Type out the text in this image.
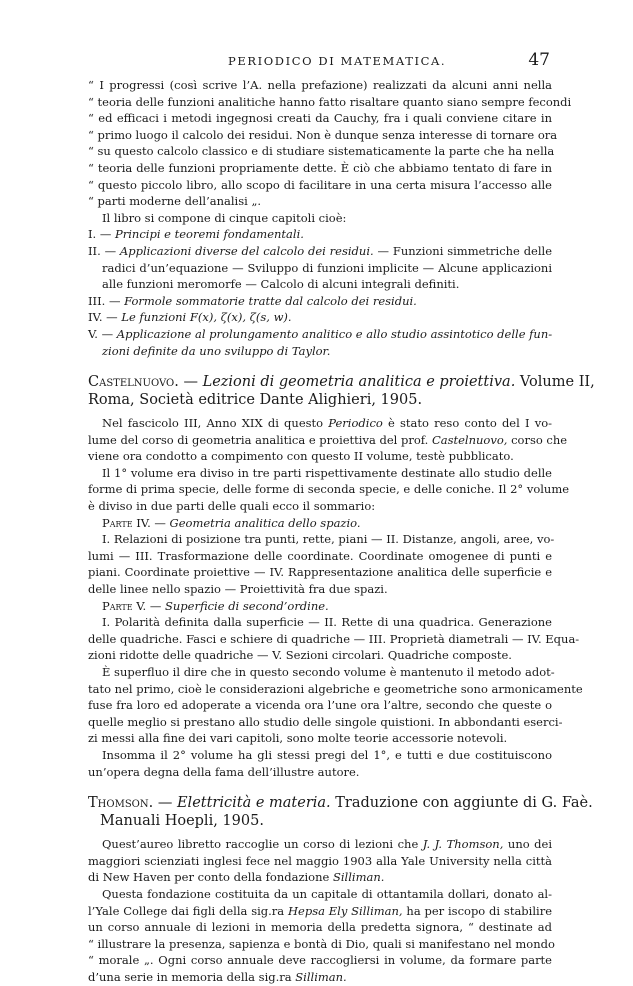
PERIODICO DI MATEMATICA.	47
“ I progressi (così scrive l’A. nella prefazione) realizzati da alcuni anni nella
“ teoria delle funzioni analitiche hanno fatto risaltare quanto siano sempre fecondi
“ ed efficaci i metodi ingegnosi creati da Cauchy, fra i quali conviene citare in
“ primo luogo il calcolo dei residui. Non è dunque senza interesse di tornare ora
“ su questo calcolo classico e di studiare sistematicamente la parte che ha nella
“ teoria delle funzioni propriamente dette. È ciò che abbiamo tentato di fare in
“ questo piccolo libro, allo scopo di facilitare in una certa misura l’accesso alle
“ parti moderne dell’analisi „.
Il libro si compone di cinque capitoli cioè:
I. — Principi e teoremi fondamentali.
II. — Applicazioni diverse del calcolo dei residui. — Funzioni simmetriche delle
radici d’un’equazione — Sviluppo di funzioni implicite — Alcune applicazioni
alle funzioni meromorfe — Calcolo di alcuni integrali definiti.
III. — Formole sommatorie tratte dal calcolo dei residui.
IV. — Le funzioni F(x), ζ(x), ζ(s, w).
V. — Applicazione al prolungamento analitico e allo studio assintotico delle fun-
zioni definite da uno sviluppo di Taylor.
Castelnuovo. — Lezioni di geometria analitica e proiettiva. Volume II,
Roma, Società editrice Dante Alighieri, 1905.
Nel fascicolo III, Anno XIX di questo Periodico è stato reso conto del I vo-
lume del corso di geometria analitica e proiettiva del prof. Castelnuovo, corso che
viene ora condotto a compimento con questo II volume, testè pubblicato.
Il 1° volume era diviso in tre parti rispettivamente destinate allo studio delle
forme di prima specie, delle forme di seconda specie, e delle coniche. Il 2° volume
è diviso in due parti delle quali ecco il sommario:
Parte IV. — Geometria analitica dello spazio.
I. Relazioni di posizione tra punti, rette, piani — II. Distanze, angoli, aree, vo-
lumi — III. Trasformazione delle coordinate. Coordinate omogenee di punti e
piani. Coordinate proiettive — IV. Rappresentazione analitica delle superficie e
delle linee nello spazio — Proiettività fra due spazi.
Parte V. — Superficie di second’ordine.
I. Polarità definita dalla superficie — II. Rette di una quadrica. Generazione
delle quadriche. Fasci e schiere di quadriche — III. Proprietà diametrali — IV. Equa-
zioni ridotte delle quadriche — V. Sezioni circolari. Quadriche composte.
È superfluo il dire che in questo secondo volume è mantenuto il metodo adot-
tato nel primo, cioè le considerazioni algebriche e geometriche sono armonicamente
fuse fra loro ed adoperate a vicenda ora l’une ora l’altre, secondo che queste o
quelle meglio si prestano allo studio delle singole quistioni. In abbondanti eserci-
zi messi alla fine dei vari capitoli, sono molte teorie accessorie notevoli.
Insomma il 2° volume ha gli stessi pregi del 1°, e tutti e due costituiscono
un’opera degna della fama dell’illustre autore.
Thomson. — Elettricità e materia. Traduzione con aggiunte di G. Faè.
Manuali Hoepli, 1905.
Quest’aureo libretto raccoglie un corso di lezioni che J. J. Thomson, uno dei
maggiori scienziati inglesi fece nel maggio 1903 alla Yale University nella città
di New Haven per conto della fondazione Silliman.
Questa fondazione costituita da un capitale di ottantamila dollari, donato al-
l’Yale College dai figli della sig.ra Hepsa Ely Silliman, ha per iscopo di stabilire
un corso annuale di lezioni in memoria della predetta signora, “ destinate ad
“ illustrare la presenza, sapienza e bontà di Dio, quali si manifestano nel mondo
“ morale „. Ogni corso annuale deve raccogliersi in volume, da formare parte
d’una serie in memoria della sig.ra Silliman.
